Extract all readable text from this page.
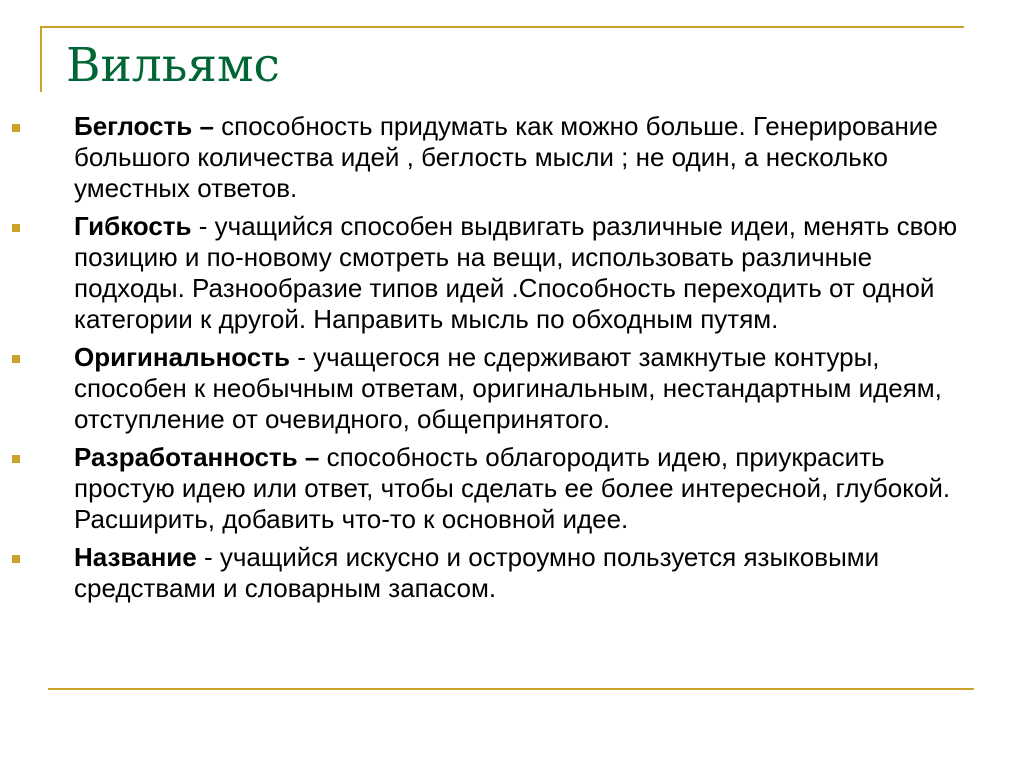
Вильямс
Беглость – способность придумать как можно больше. Генерирование большого количества идей , беглость мысли ; не один, а несколько уместных ответов.
Гибкость - учащийся способен выдвигать различные идеи, менять свою позицию и по-новому смотреть на вещи, использовать различные подходы. Разнообразие типов идей .Способность переходить от одной категории к другой. Направить мысль по обходным путям.
Оригинальность - учащегося не сдерживают замкнутые контуры, способен к необычным ответам, оригинальным, нестандартным идеям, отступление от очевидного, общепринятого.
Разработанность – способность облагородить идею, приукрасить простую идею или ответ, чтобы сделать ее более интересной, глубокой. Расширить, добавить что-то к основной идее.
Название - учащийся искусно и остроумно пользуется языковыми средствами и словарным запасом.
